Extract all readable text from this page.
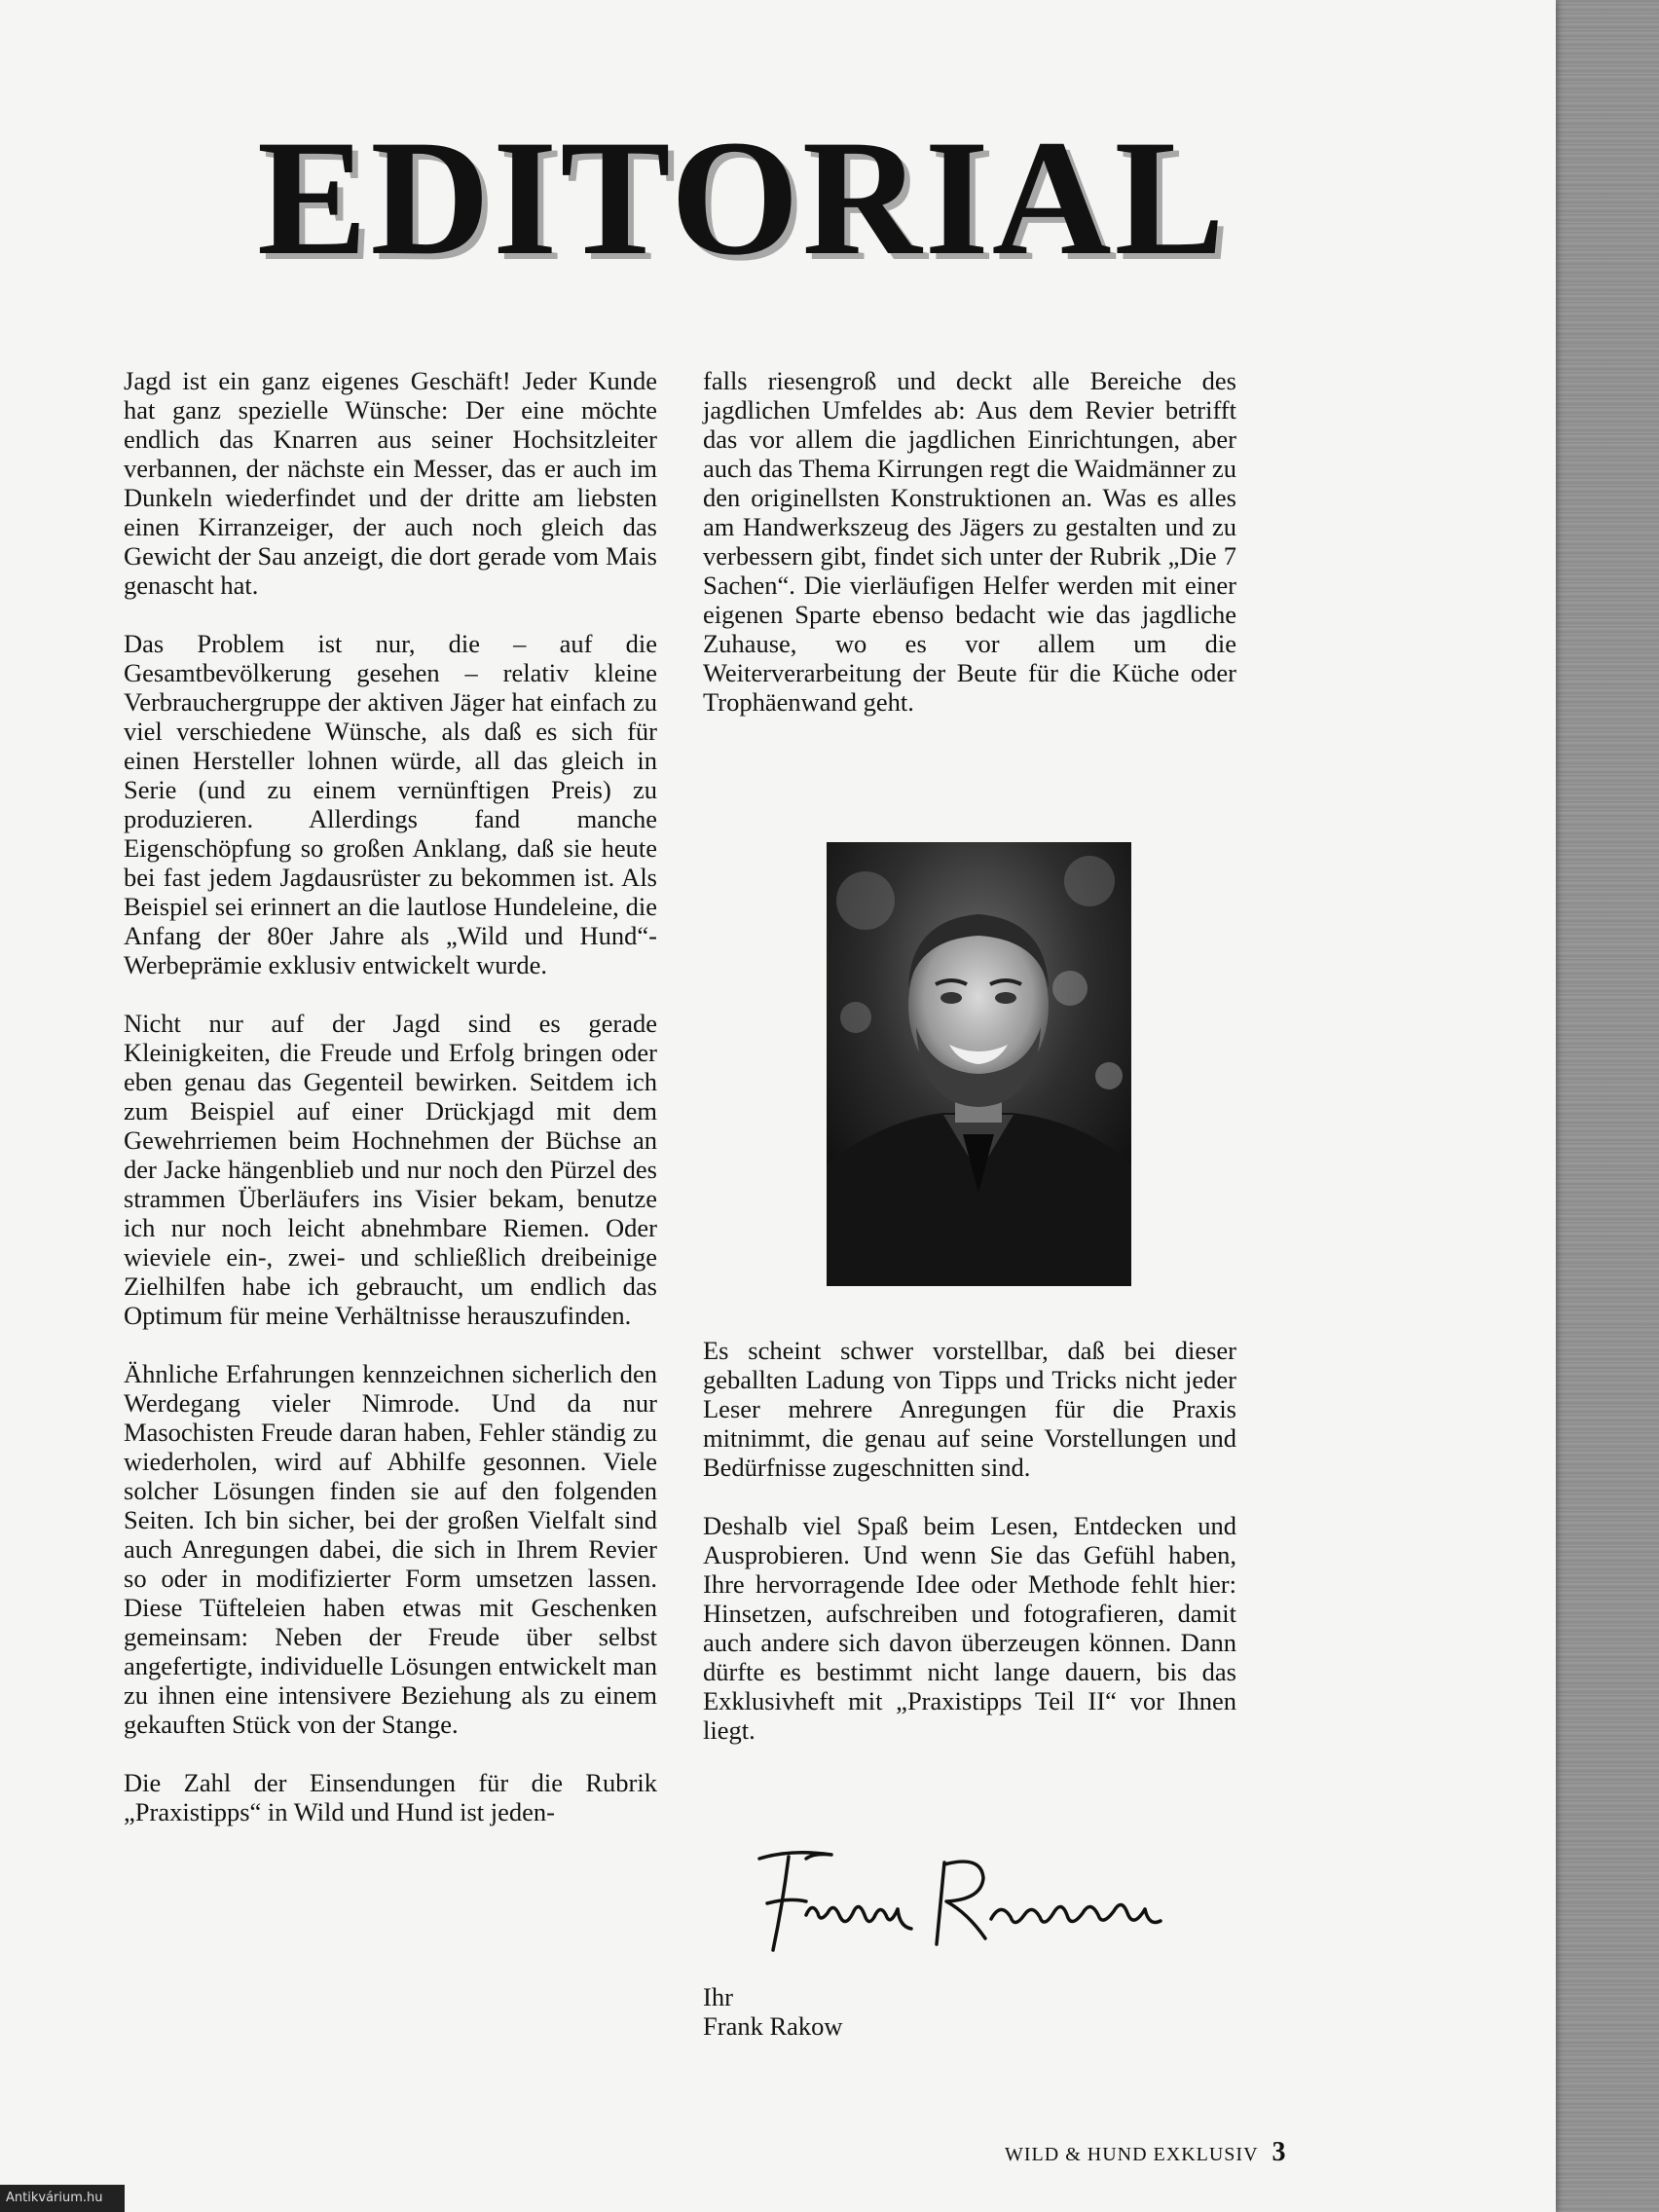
EDITORIAL

Jagd ist ein ganz eigenes Geschäft! Jeder Kunde hat ganz spezielle Wünsche: Der eine möchte endlich das Knarren aus seiner Hochsitzleiter verbannen, der nächste ein Messer, das er auch im Dunkeln wiederfindet und der dritte am liebsten einen Kirranzeiger, der auch noch gleich das Gewicht der Sau anzeigt, die dort gerade vom Mais genascht hat.

Das Problem ist nur, die – auf die Gesamtbevölkerung gesehen – relativ kleine Verbrauchergruppe der aktiven Jäger hat einfach zu viel verschiedene Wünsche, als daß es sich für einen Hersteller lohnen würde, all das gleich in Serie (und zu einem vernünftigen Preis) zu produzieren. Allerdings fand manche Eigenschöpfung so großen Anklang, daß sie heute bei fast jedem Jagdausrüster zu bekommen ist. Als Beispiel sei erinnert an die lautlose Hundeleine, die Anfang der 80er Jahre als „Wild und Hund“-Werbeprämie exklusiv entwickelt wurde.

Nicht nur auf der Jagd sind es gerade Kleinigkeiten, die Freude und Erfolg bringen oder eben genau das Gegenteil bewirken. Seitdem ich zum Beispiel auf einer Drückjagd mit dem Gewehrriemen beim Hochnehmen der Büchse an der Jacke hängenblieb und nur noch den Pürzel des strammen Überläufers ins Visier bekam, benutze ich nur noch leicht abnehmbare Riemen. Oder wieviele ein-, zwei- und schließlich dreibeinige Zielhilfen habe ich gebraucht, um endlich das Optimum für meine Verhältnisse herauszufinden.

Ähnliche Erfahrungen kennzeichnen sicherlich den Werdegang vieler Nimrode. Und da nur Masochisten Freude daran haben, Fehler ständig zu wiederholen, wird auf Abhilfe gesonnen. Viele solcher Lösungen finden sie auf den folgenden Seiten. Ich bin sicher, bei der großen Vielfalt sind auch Anregungen dabei, die sich in Ihrem Revier so oder in modifizierter Form umsetzen lassen. Diese Tüfteleien haben etwas mit Geschenken gemeinsam: Neben der Freude über selbst angefertigte, individuelle Lösungen entwickelt man zu ihnen eine intensivere Beziehung als zu einem gekauften Stück von der Stange.

Die Zahl der Einsendungen für die Rubrik „Praxistipps“ in Wild und Hund ist jeden-

falls riesengroß und deckt alle Bereiche des jagdlichen Umfeldes ab: Aus dem Revier betrifft das vor allem die jagdlichen Einrichtungen, aber auch das Thema Kirrungen regt die Waidmänner zu den originellsten Konstruktionen an. Was es alles am Handwerkszeug des Jägers zu gestalten und zu verbessern gibt, findet sich unter der Rubrik „Die 7 Sachen“. Die vierläufigen Helfer werden mit einer eigenen Sparte ebenso bedacht wie das jagdliche Zuhause, wo es vor allem um die Weiterverarbeitung der Beute für die Küche oder Trophäenwand geht.

Es scheint schwer vorstellbar, daß bei dieser geballten Ladung von Tipps und Tricks nicht jeder Leser mehrere Anregungen für die Praxis mitnimmt, die genau auf seine Vorstellungen und Bedürfnisse zugeschnitten sind.

Deshalb viel Spaß beim Lesen, Entdecken und Ausprobieren. Und wenn Sie das Gefühl haben, Ihre hervorragende Idee oder Methode fehlt hier: Hinsetzen, aufschreiben und fotografieren, damit auch andere sich davon überzeugen können. Dann dürfte es bestimmt nicht lange dauern, bis das Exklusivheft mit „Praxistipps Teil II“ vor Ihnen liegt.

Ihr
Frank Rakow
WILD & HUND EXKLUSIV 3
Antikvárium.hu
